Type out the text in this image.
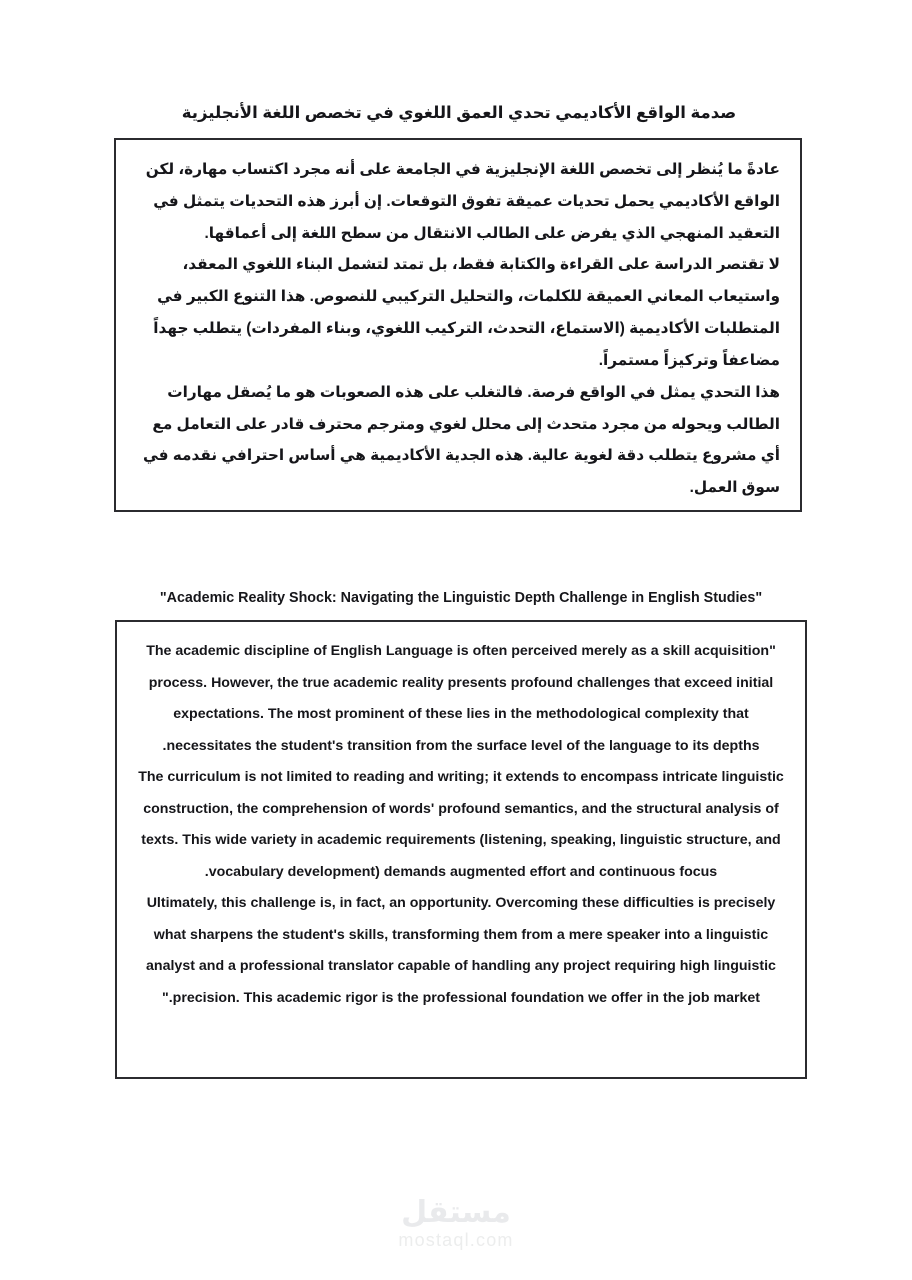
صدمة الواقع الأكاديمي تحدي العمق اللغوي في تخصص اللغة الأنجليزية

عادةً ما يُنظر إلى تخصص اللغة الإنجليزية في الجامعة على أنه مجرد اكتساب مهارة، لكن الواقع الأكاديمي يحمل تحديات عميقة تفوق التوقعات. إن أبرز هذه التحديات يتمثل في التعقيد المنهجي الذي يفرض على الطالب الانتقال من سطح اللغة إلى أعماقها.

لا تقتصر الدراسة على القراءة والكتابة فقط، بل تمتد لتشمل البناء اللغوي المعقد، واستيعاب المعاني العميقة للكلمات، والتحليل التركيبي للنصوص. هذا التنوع الكبير في المتطلبات الأكاديمية (الاستماع، التحدث، التركيب اللغوي، وبناء المفردات) يتطلب جهداً مضاعفاً وتركيزاً مستمراً.

هذا التحدي يمثل في الواقع فرصة. فالتغلب على هذه الصعوبات هو ما يُصقل مهارات الطالب ويحوله من مجرد متحدث إلى محلل لغوي ومترجم محترف قادر على التعامل مع أي مشروع يتطلب دقة لغوية عالية. هذه الجدية الأكاديمية هي أساس احترافي نقدمه في سوق العمل.

"Academic Reality Shock: Navigating the Linguistic Depth Challenge in English Studies"

"The academic discipline of English Language is often perceived merely as a skill acquisition process. However, the true academic reality presents profound challenges that exceed initial expectations. The most prominent of these lies in the methodological complexity that necessitates the student's transition from the surface level of the language to its depths.

The curriculum is not limited to reading and writing; it extends to encompass intricate linguistic construction, the comprehension of words' profound semantics, and the structural analysis of texts. This wide variety in academic requirements (listening, speaking, linguistic structure, and vocabulary development) demands augmented effort and continuous focus.

Ultimately, this challenge is, in fact, an opportunity. Overcoming these difficulties is precisely what sharpens the student's skills, transforming them from a mere speaker into a linguistic analyst and a professional translator capable of handling any project requiring high linguistic precision. This academic rigor is the professional foundation we offer in the job market."

مستقل
mostaql.com
